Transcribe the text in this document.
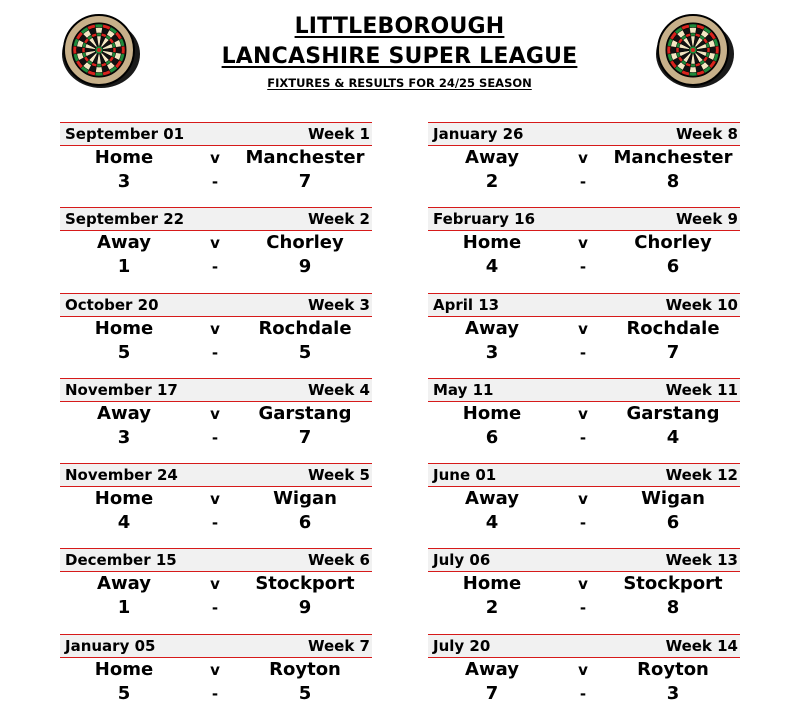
LITTLEBOROUGH
LANCASHIRE SUPER LEAGUE
FIXTURES & RESULTS FOR 24/25 SEASON
September 01	Week 1
Home	v	Manchester
3	-	7
September 22	Week 2
Away	v	Chorley
1	-	9
October 20	Week 3
Home	v	Rochdale
5	-	5
November 17	Week 4
Away	v	Garstang
3	-	7
November 24	Week 5
Home	v	Wigan
4	-	6
December 15	Week 6
Away	v	Stockport
1	-	9
January 05	Week 7
Home	v	Royton
5	-	5
January 26	Week 8
Away	v	Manchester
2	-	8
February 16	Week 9
Home	v	Chorley
4	-	6
April 13	Week 10
Away	v	Rochdale
3	-	7
May 11	Week 11
Home	v	Garstang
6	-	4
June 01	Week 12
Away	v	Wigan
4	-	6
July 06	Week 13
Home	v	Stockport
2	-	8
July 20	Week 14
Away	v	Royton
7	-	3
